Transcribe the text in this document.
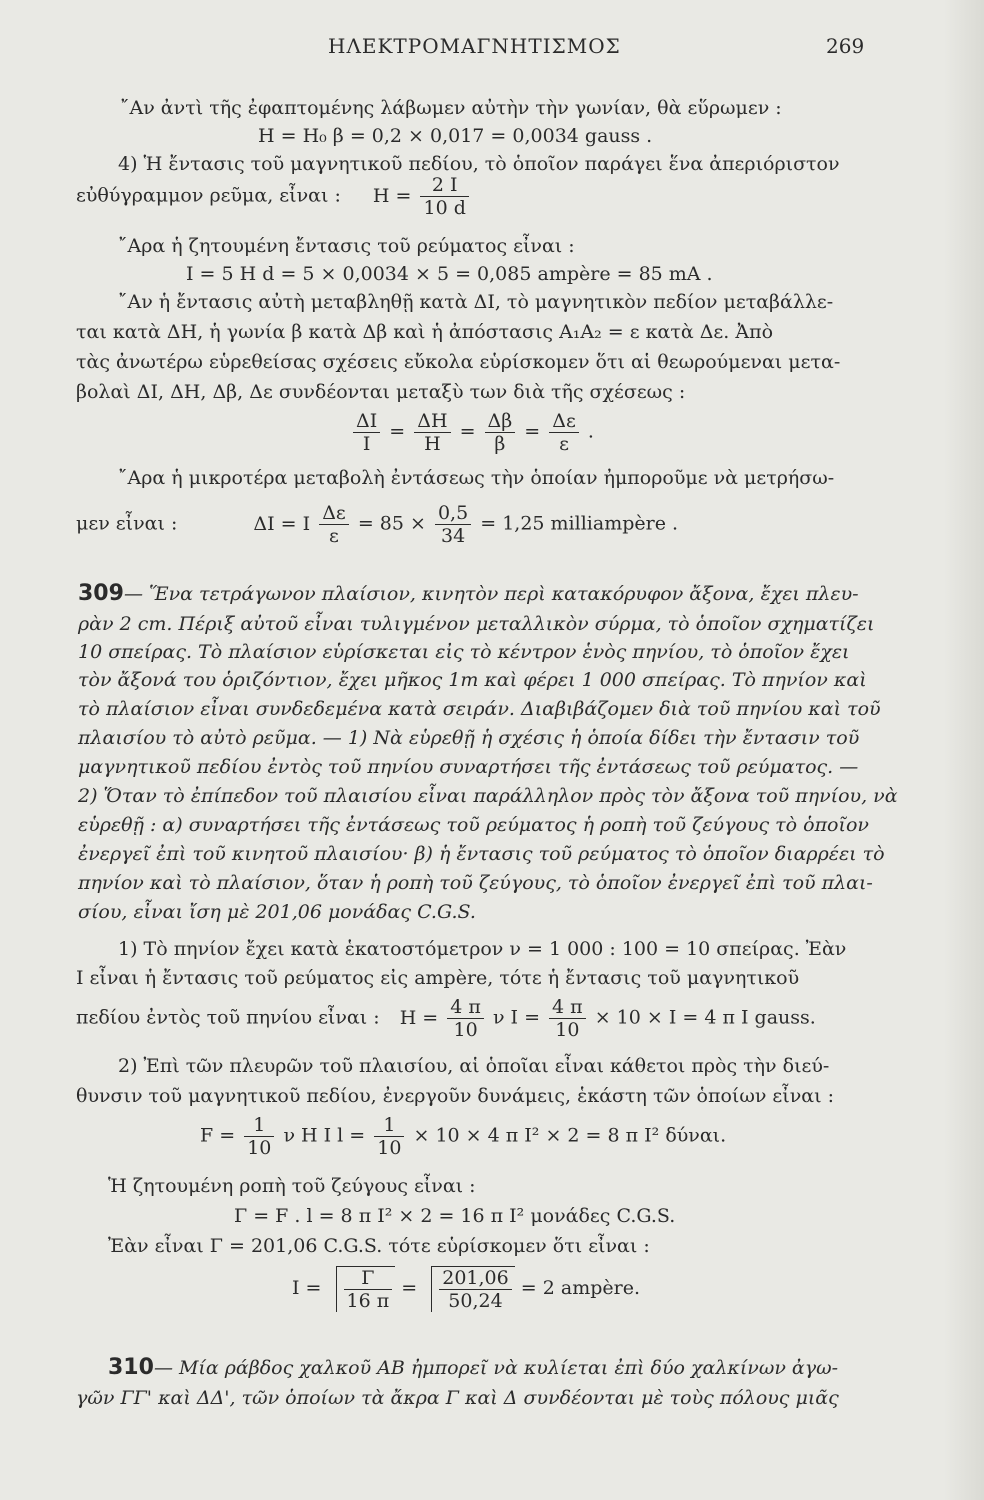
ΗΛΕΚΤΡΟΜΑΓΝΗΤΙΣΜΟΣ	269
῎Αν ἀντὶ τῆς ἐφαπτομένης λάβωμεν αὐτὴν τὴν γωνίαν, θὰ εὕρωμεν :
H = H₀ β = 0,2 × 0,017 = 0,0034 gauss .
4) Ἡ ἔντασις τοῦ μαγνητικοῦ πεδίου, τὸ ὁποῖον παράγει ἕνα ἀπεριόριστον
εὐθύγραμμον ρεῦμα, εἶναι : $H = \frac{2 I}{10 d}$
῎Αρα ἡ ζητουμένη ἔντασις τοῦ ρεύματος εἶναι :
I = 5 H d = 5 × 0,0034 × 5 = 0,085 ampère = 85 mA .
῎Αν ἡ ἔντασις αὐτὴ μεταβληθῇ κατὰ ΔI, τὸ μαγνητικὸν πεδίον μεταβάλλε-
ται κατὰ ΔH, ἡ γωνία β κατὰ Δβ καὶ ἡ ἀπόστασις A₁A₂ = ε κατὰ Δε. Ἀπὸ
τὰς ἀνωτέρω εὑρεθείσας σχέσεις εὔκολα εὑρίσκομεν ὅτι αἱ θεωρούμεναι μετα-
βολαὶ ΔI, ΔH, Δβ, Δε συνδέονται μεταξὺ των διὰ τῆς σχέσεως :
$\frac{\Delta I}{I} = \frac{\Delta H}{H} = \frac{\Delta\beta}{\beta} = \frac{\Delta\varepsilon}{\varepsilon}$ .
῎Αρα ἡ μικροτέρα μεταβολὴ ἐντάσεως τὴν ὁποίαν ἠμποροῦμε νὰ μετρήσω-
μεν εἶναι :	ΔI = I $\frac{\Delta\varepsilon}{\varepsilon} = 85 \times \frac{0,5}{34} = 1,25$ milliampère .
309— Ἕνα τετράγωνον πλαίσιον, κινητὸν περὶ κατακόρυφον ἄξονα, ἔχει πλευ-
ρὰν 2 cm. Πέριξ αὐτοῦ εἶναι τυλιγμένον μεταλλικὸν σύρμα, τὸ ὁποῖον σχηματίζει
10 σπείρας. Τὸ πλαίσιον εὑρίσκεται εἰς τὸ κέντρον ἑνὸς πηνίου, τὸ ὁποῖον ἔχει
τὸν ἄξονά του ὁριζόντιον, ἔχει μῆκος 1m καὶ φέρει 1 000 σπείρας. Τὸ πηνίον καὶ
τὸ πλαίσιον εἶναι συνδεδεμένα κατὰ σειράν. Διαβιβάζομεν διὰ τοῦ πηνίου καὶ τοῦ
πλαισίου τὸ αὐτὸ ρεῦμα. — 1) Νὰ εὑρεθῇ ἡ σχέσις ἡ ὁποία δίδει τὴν ἔντασιν τοῦ
μαγνητικοῦ πεδίου ἐντὸς τοῦ πηνίου συναρτήσει τῆς ἐντάσεως τοῦ ρεύματος. —
2) Ὅταν τὸ ἐπίπεδον τοῦ πλαισίου εἶναι παράλληλον πρὸς τὸν ἄξονα τοῦ πηνίου, νὰ
εὑρεθῇ : α) συναρτήσει τῆς ἐντάσεως τοῦ ρεύματος ἡ ροπὴ τοῦ ζεύγους τὸ ὁποῖον
ἐνεργεῖ ἐπὶ τοῦ κινητοῦ πλαισίου· β) ἡ ἔντασις τοῦ ρεύματος τὸ ὁποῖον διαρρέει τὸ
πηνίον καὶ τὸ πλαίσιον, ὅταν ἡ ροπὴ τοῦ ζεύγους, τὸ ὁποῖον ἐνεργεῖ ἐπὶ τοῦ πλαι-
σίου, εἶναι ἴση μὲ 201,06 μονάδας C.G.S.
1) Τὸ πηνίον ἔχει κατὰ ἑκατοστόμετρον ν = 1 000 : 100 = 10 σπείρας. Ἐὰν
I εἶναι ἡ ἔντασις τοῦ ρεύματος εἰς ampère, τότε ἡ ἔντασις τοῦ μαγνητικοῦ
πεδίου ἐντὸς τοῦ πηνίου εἶναι : $H = \frac{4 \pi}{10}$ ν $I = \frac{4 \pi}{10} \times 10 \times I = 4$ π I gauss.
2) Ἐπὶ τῶν πλευρῶν τοῦ πλαισίου, αἱ ὁποῖαι εἶναι κάθετοι πρὸς τὴν διεύ-
θυνσιν τοῦ μαγνητικοῦ πεδίου, ἐνεργοῦν δυνάμεις, ἑκάστη τῶν ὁποίων εἶναι :
$F = \frac{1}{10}$ ν H I $l = \frac{1}{10} \times 10 \times 4$ π I² × 2 = 8 π I² δύναι.
Ἡ ζητουμένη ροπὴ τοῦ ζεύγους εἶναι :
Γ = F . l = 8 π I² × 2 = 16 π I² μονάδες C.G.S.
Ἐὰν εἶναι Γ = 201,06 C.G.S. τότε εὑρίσκομεν ὅτι εἶναι :
$I = \frac{\Gamma}{16 \pi} = \frac{201,06}{50,24} = 2$ ampère.
310— Μία ράβδος χαλκοῦ AB ἠμπορεῖ νὰ κυλίεται ἐπὶ δύο χαλκίνων ἀγω-
γῶν ΓΓ' καὶ ΔΔ', τῶν ὁποίων τὰ ἄκρα Γ καὶ Δ συνδέονται μὲ τοὺς πόλους μιᾶς
